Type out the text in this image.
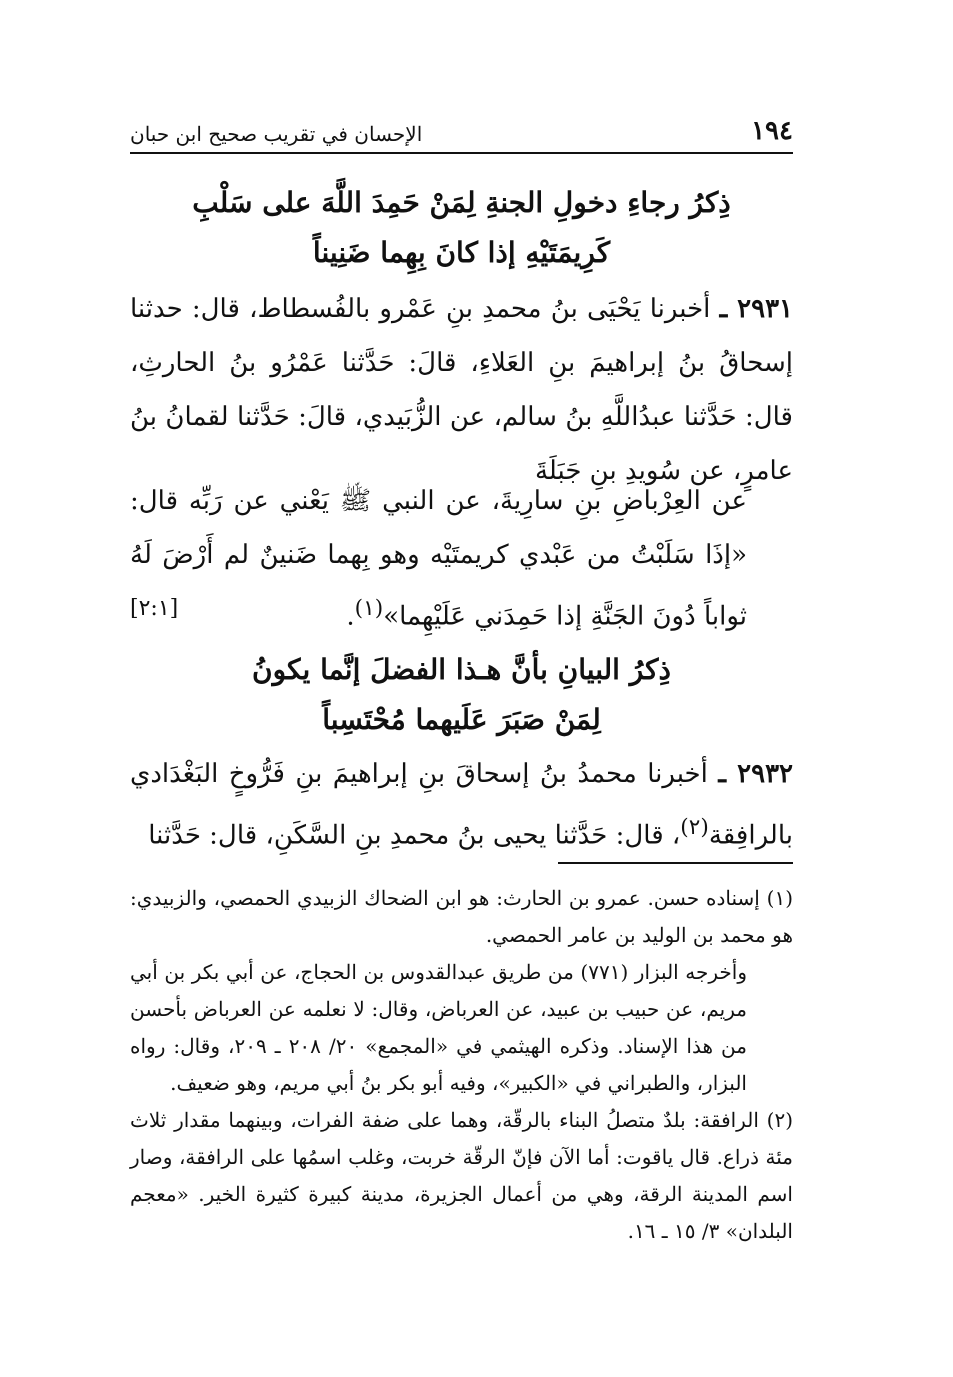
١٩٤
الإحسان في تقريب صحيح ابن حبان
ذِكرُ رجاءِ دخولِ الجنةِ لِمَنْ حَمِدَ اللَّهَ على سَلْبِ
كَرِيمَتَيْهِ إذا كانَ بِهِما ضَنِيناً
٢٩٣١ ـ أخبرنا يَحْيَى بنُ محمدِ بنِ عَمْرو بالفُسطاط، قال: حدثنا إسحاقُ بنُ إبراهيمَ بنِ العَلاءِ، قالَ: حَدَّثنا عَمْرُو بنُ الحارثِ، قال: حَدَّثنا عبدُاللَّهِ بنُ سالم، عن الزُّبَيدي، قالَ: حَدَّثنا لقمانُ بنُ عامرٍ، عن سُويدِ بنِ جَبَلَةَ
عن العِرْباضِ بنِ سارِيةَ، عن النبي ﷺ يَعْني عن رَبِّه قال: «إذَا سَلَبْتُ من عَبْدي كريمتَيْه وهو بِهما ضَنينٌ لم أَرْضَ لَهُ ثواباً دُونَ الجَنَّةِ إذا حَمِدَني عَلَيْهِما»$^{(١)}$.
[٢:١]
ذِكرُ البيانِ بأنَّ هـذا الفضلَ إنَّما يكونُ
لِمَنْ صَبَرَ عَلَيهما مُحْتَسِباً
٢٩٣٢ ـ أخبرنا محمدُ بنُ إسحاقَ بنِ إبراهيمَ بنِ فَرُّوخٍ البَغْدَادي بالرافِقة$^{(٢)}$، قال: حَدَّثنا يحيى بنُ محمدِ بنِ السَّكَنِ، قال: حَدَّثنا

(١) إسناده حسن. عمرو بن الحارث: هو ابن الضحاك الزبيدي الحمصي، والزبيدي: هو محمد بن الوليد بن عامر الحمصي.

وأخرجه البزار (٧٧١) من طريق عبدالقدوس بن الحجاج، عن أبي بكر بن أبي مريم، عن حبيب بن عبيد، عن العرباض، وقال: لا نعلمه عن العرباض بأحسن من هذا الإسناد. وذكره الهيثمي في «المجمع» ٢٠/ ٢٠٨ ـ ٢٠٩، وقال: رواه البزار، والطبراني في «الكبير»، وفيه أبو بكر بنُ أبي مريم، وهو ضعيف.

(٢) الرافقة: بلدٌ متصلُ البناء بالرقّة، وهما على ضفة الفرات، وبينهما مقدار ثلاث مئة ذراع. قال ياقوت: أما الآن فإنّ الرقّة خربت، وغلب اسمُها على الرافقة، وصار اسم المدينة الرقة، وهي من أعمال الجزيرة، مدينة كبيرة كثيرة الخير. «معجم البلدان» ٣/ ١٥ ـ ١٦.
